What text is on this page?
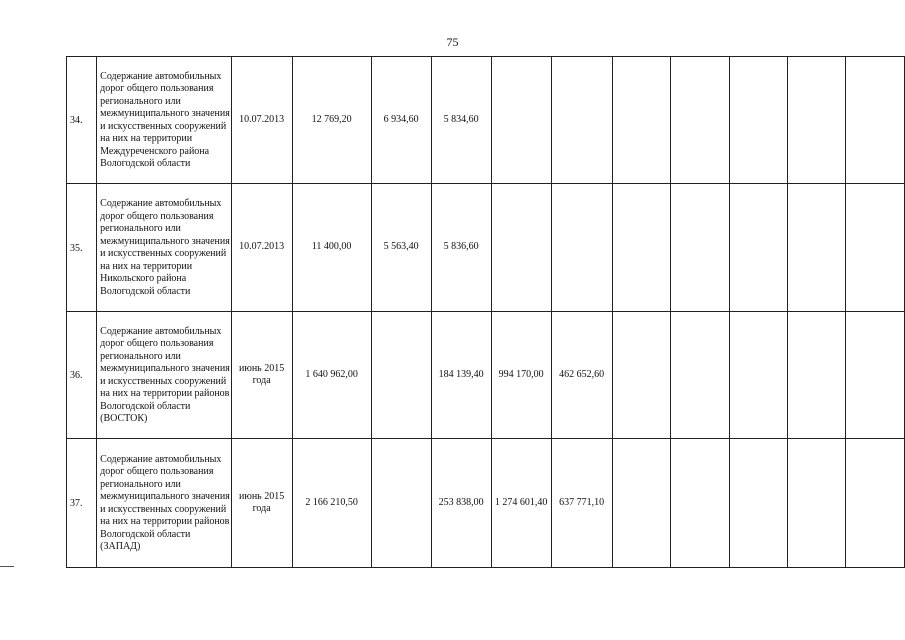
75
34.	Содержание автомобильных дорог общего пользования регионального или межмуниципального значения и искусственных сооружений на них на территории Междуреченского района Вологодской области	10.07.2013	12 769,20	6 934,60	5 834,60							
35.	Содержание автомобильных дорог общего пользования регионального или межмуниципального значения и искусственных сооружений на них на территории Никольского района Вологодской области	10.07.2013	11 400,00	5 563,40	5 836,60							
36.	Содержание автомобильных дорог общего пользования регионального или межмуниципального значения и искусственных сооружений на них на территории районов Вологодской области (ВОСТОК)	июнь 2015 года	1 640 962,00		184 139,40	994 170,00	462 652,60					
37.	Содержание автомобильных дорог общего пользования регионального или межмуниципального значения и искусственных сооружений на них на территории районов Вологодской области (ЗАПАД)	июнь 2015 года	2 166 210,50		253 838,00	1 274 601,40	637 771,10					
